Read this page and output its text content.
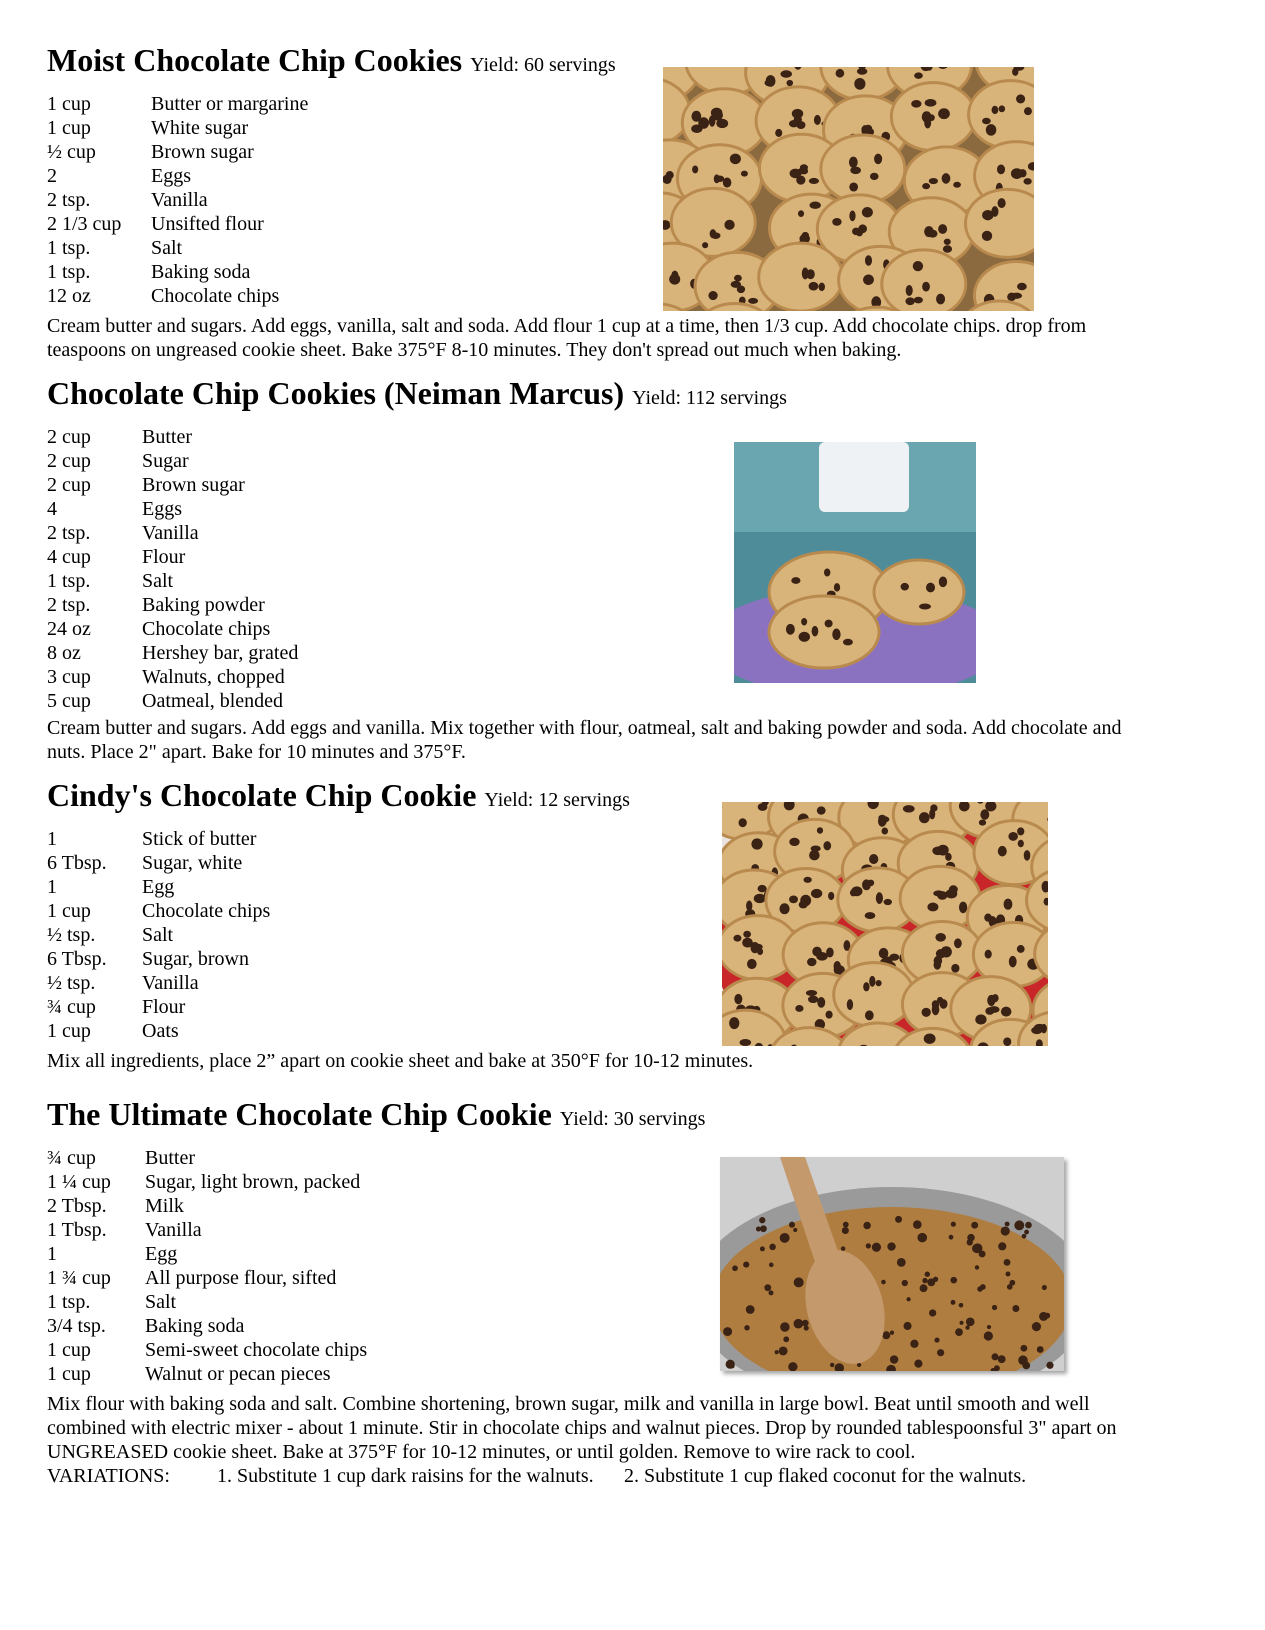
Moist Chocolate Chip Cookies Yield: 60 servings
1 cup	Butter or margarine
1 cup	White sugar
½ cup	Brown sugar
2	Eggs
2 tsp.	Vanilla
2 1/3 cup Unsifted flour
1 tsp.	Salt
1 tsp.	Baking soda
12 oz	Chocolate chips
Cream butter and sugars. Add eggs, vanilla, salt and soda. Add flour 1 cup at a time, then 1/3 cup. Add chocolate chips. drop from teaspoons on ungreased cookie sheet. Bake 375°F 8-10 minutes. They don't spread out much when baking.
Chocolate Chip Cookies (Neiman Marcus) Yield: 112 servings
2 cup	Butter
2 cup	Sugar
2 cup	Brown sugar
4	Eggs
2 tsp.	Vanilla
4 cup	Flour
1 tsp.	Salt
2 tsp.	Baking powder
24 oz	Chocolate chips
8 oz	Hershey bar, grated
3 cup	Walnuts, chopped
5 cup	Oatmeal, blended
Cream butter and sugars. Add eggs and vanilla. Mix together with flour, oatmeal, salt and baking powder and soda. Add chocolate and nuts. Place 2" apart. Bake for 10 minutes and 375°F.
Cindy's Chocolate Chip Cookie Yield: 12 servings
1	Stick of butter
6 Tbsp. Sugar, white
1	Egg
1 cup	Chocolate chips
½ tsp. Salt
6 Tbsp. Sugar, brown
½ tsp. Vanilla
¾ cup Flour
1 cup	Oats
Mix all ingredients, place 2” apart on cookie sheet and bake at 350°F for 10-12 minutes.
The Ultimate Chocolate Chip Cookie Yield: 30 servings
¾ cup Butter
1 ¼ cup Sugar, light brown, packed
2 Tbsp. Milk
1 Tbsp. Vanilla
1	Egg
1 ¾ cup All purpose flour, sifted
1 tsp.	Salt
3/4 tsp. Baking soda
1 cup	Semi-sweet chocolate chips
1 cup	Walnut or pecan pieces
Mix flour with baking soda and salt. Combine shortening, brown sugar, milk and vanilla in large bowl. Beat until smooth and well combined with electric mixer - about 1 minute. Stir in chocolate chips and walnut pieces. Drop by rounded tablespoonsful 3" apart on UNGREASED cookie sheet. Bake at 375°F for 10-12 minutes, or until golden. Remove to wire rack to cool.
VARIATIONS: 1. Substitute 1 cup dark raisins for the walnuts. 2. Substitute 1 cup flaked coconut for the walnuts.
